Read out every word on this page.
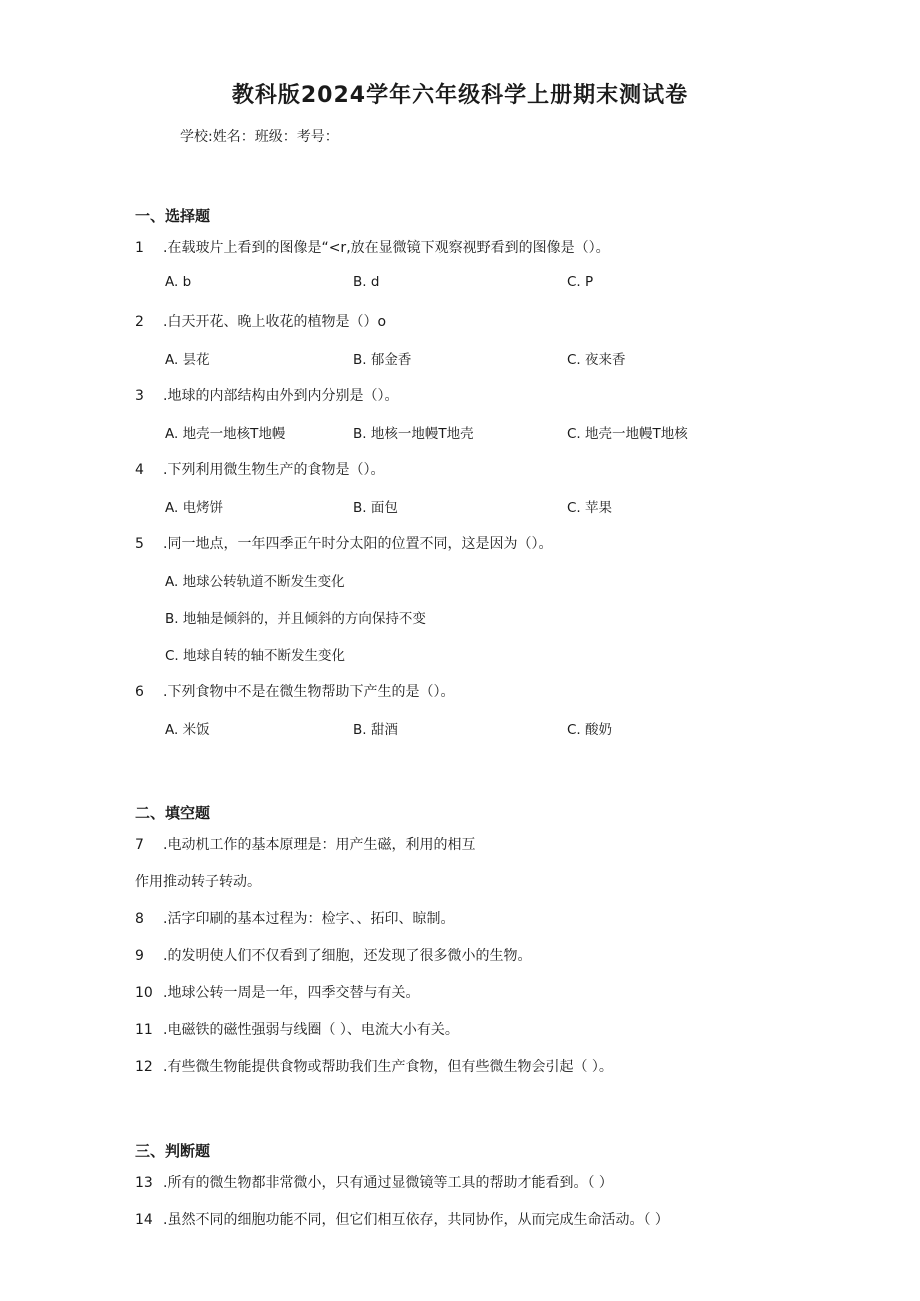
教科版2024学年六年级科学上册期末测试卷
学校:姓名：班级：考号：
一、选择题
1 .在载玻片上看到的图像是“<r,放在显微镜下观察视野看到的图像是（）。
A. b	B. d	C. P
2 .白天开花、晚上收花的植物是（）o
A. 昙花	B. 郁金香	C. 夜来香
3 .地球的内部结构由外到内分别是（）。
A. 地壳一地核T地幔	B. 地核一地幔T地壳	C. 地壳一地幔T地核
4 .下列利用微生物生产的食物是（）。
A. 电烤饼	B. 面包	C. 苹果
5 .同一地点，一年四季正午时分太阳的位置不同，这是因为（）。
A. 地球公转轨道不断发生变化
B. 地轴是倾斜的，并且倾斜的方向保持不变
C. 地球自转的轴不断发生变化
6 .下列食物中不是在微生物帮助下产生的是（）。
A. 米饭	B. 甜酒	C. 酸奶
二、填空题
7 .电动机工作的基本原理是：用产生磁，利用的相互
作用推动转子转动。
8 .活字印刷的基本过程为：检字、、拓印、晾制。
9 .的发明使人们不仅看到了细胞，还发现了很多微小的生物。
10 .地球公转一周是一年，四季交替与有关。
11 .电磁铁的磁性强弱与线圈（ ）、电流大小有关。
12 .有些微生物能提供食物或帮助我们生产食物，但有些微生物会引起（ ）。
三、判断题
13 .所有的微生物都非常微小，只有通过显微镜等工具的帮助才能看到。（ ）
14 .虽然不同的细胞功能不同，但它们相互依存，共同协作，从而完成生命活动。（ ）
